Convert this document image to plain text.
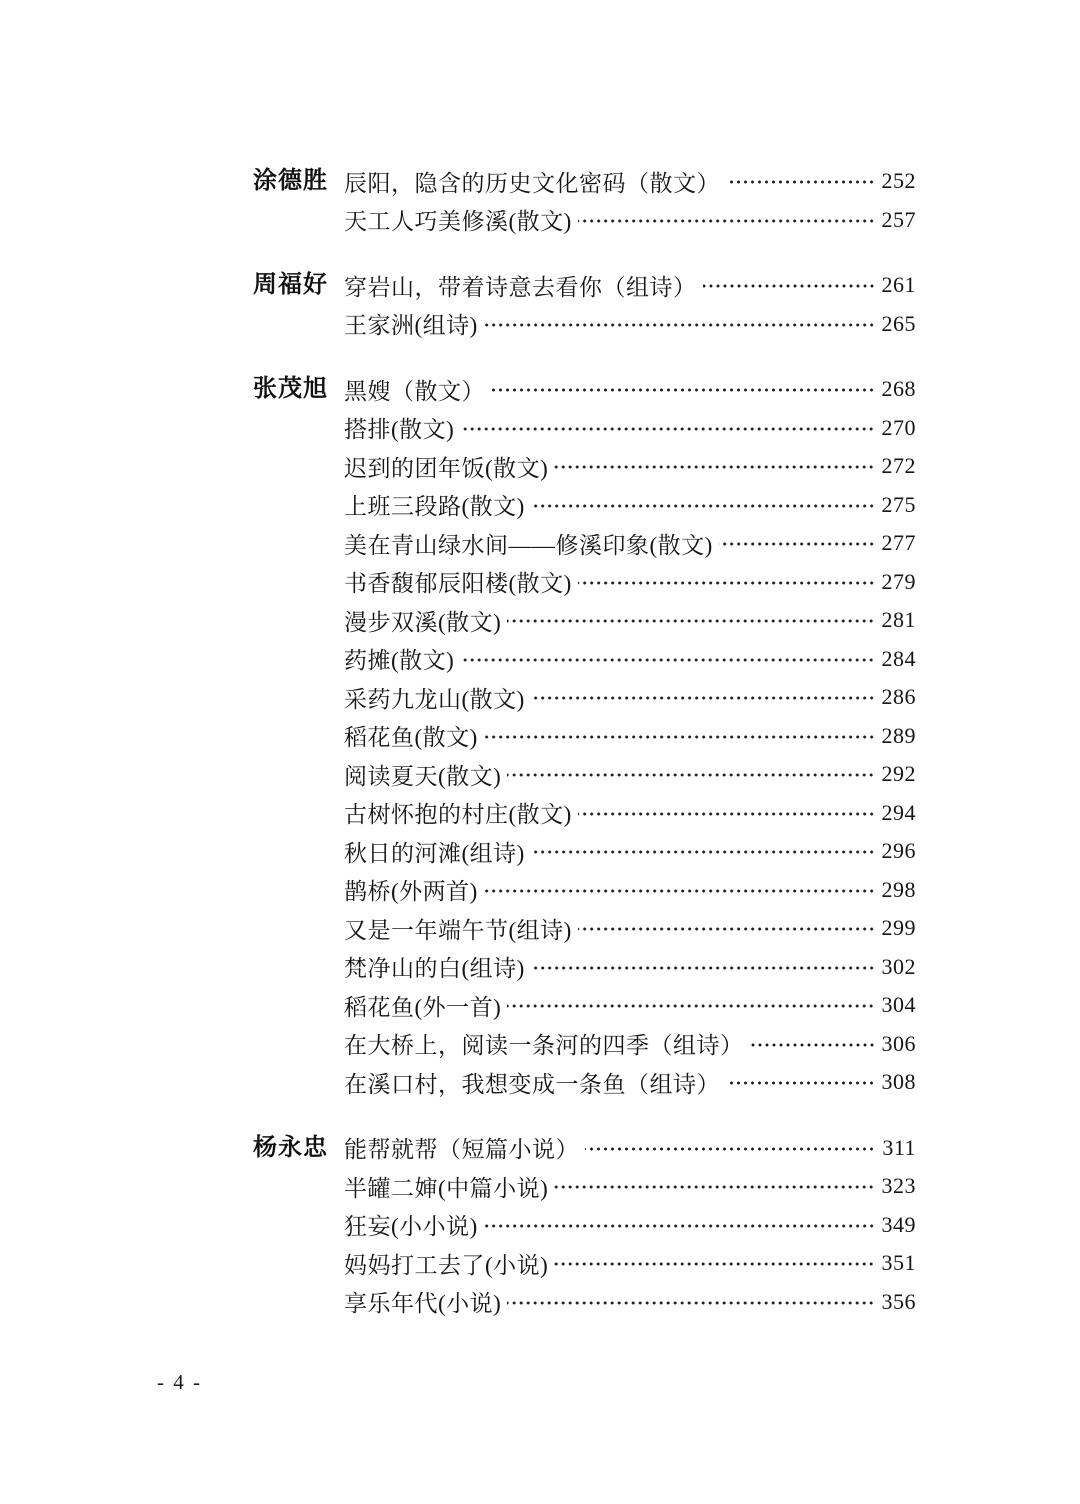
涂德胜 辰阳，隐含的历史文化密码（散文）	252
天工人巧美修溪(散文)	257
周福好 穿岩山，带着诗意去看你（组诗）	261
王家洲(组诗)	265
张茂旭 黑嫂（散文）	268
搭排(散文)	270
迟到的团年饭(散文)	272
上班三段路(散文)	275
美在青山绿水间——修溪印象(散文)	277
书香馥郁辰阳楼(散文)	279
漫步双溪(散文)	281
药摊(散文)	284
采药九龙山(散文)	286
稻花鱼(散文)	289
阅读夏天(散文)	292
古树怀抱的村庄(散文)	294
秋日的河滩(组诗)	296
鹊桥(外两首)	298
又是一年端午节(组诗)	299
梵净山的白(组诗)	302
稻花鱼(外一首)	304
在大桥上，阅读一条河的四季（组诗）	306
在溪口村，我想变成一条鱼（组诗）	308
杨永忠 能帮就帮（短篇小说）	311
半罐二婶(中篇小说)	323
狂妄(小小说)	349
妈妈打工去了(小说)	351
享乐年代(小说)	356
- 4 -
